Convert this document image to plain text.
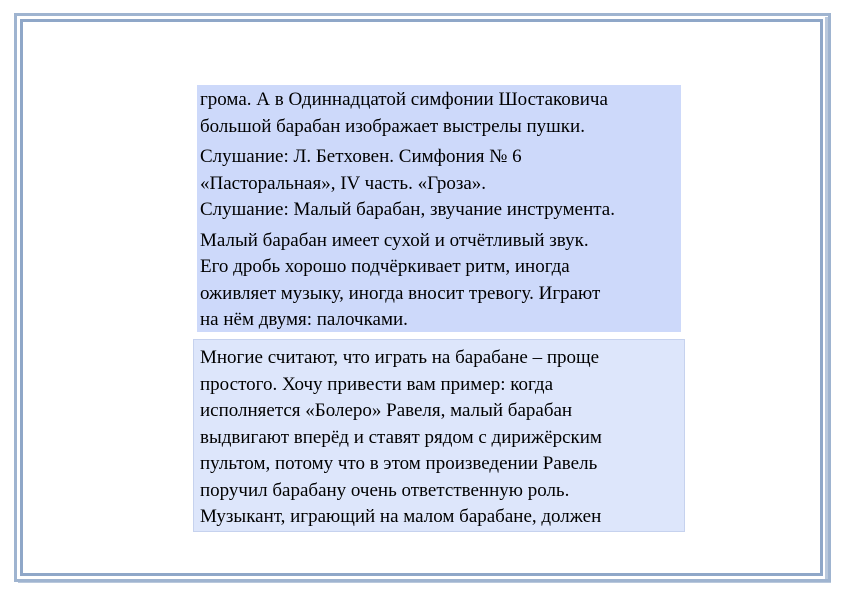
грома. А в Одиннадцатой симфонии Шостаковича
большой барабан изображает выстрелы пушки.

Слушание: Л. Бетховен. Симфония № 6
«Пасторальная», IV часть. «Гроза».
Слушание: Малый барабан, звучание инструмента.

Малый барабан имеет сухой и отчётливый звук.
Его дробь хорошо подчёркивает ритм, иногда
оживляет музыку, иногда вносит тревогу. Играют
на нём двумя: палочками.

Многие считают, что играть на барабане – проще
простого. Хочу привести вам пример: когда
исполняется «Болеро» Равеля, малый барабан
выдвигают вперёд и ставят рядом с дирижёрским
пультом, потому что в этом произведении Равель
поручил барабану очень ответственную роль.
Музыкант, играющий на малом барабане, должен
